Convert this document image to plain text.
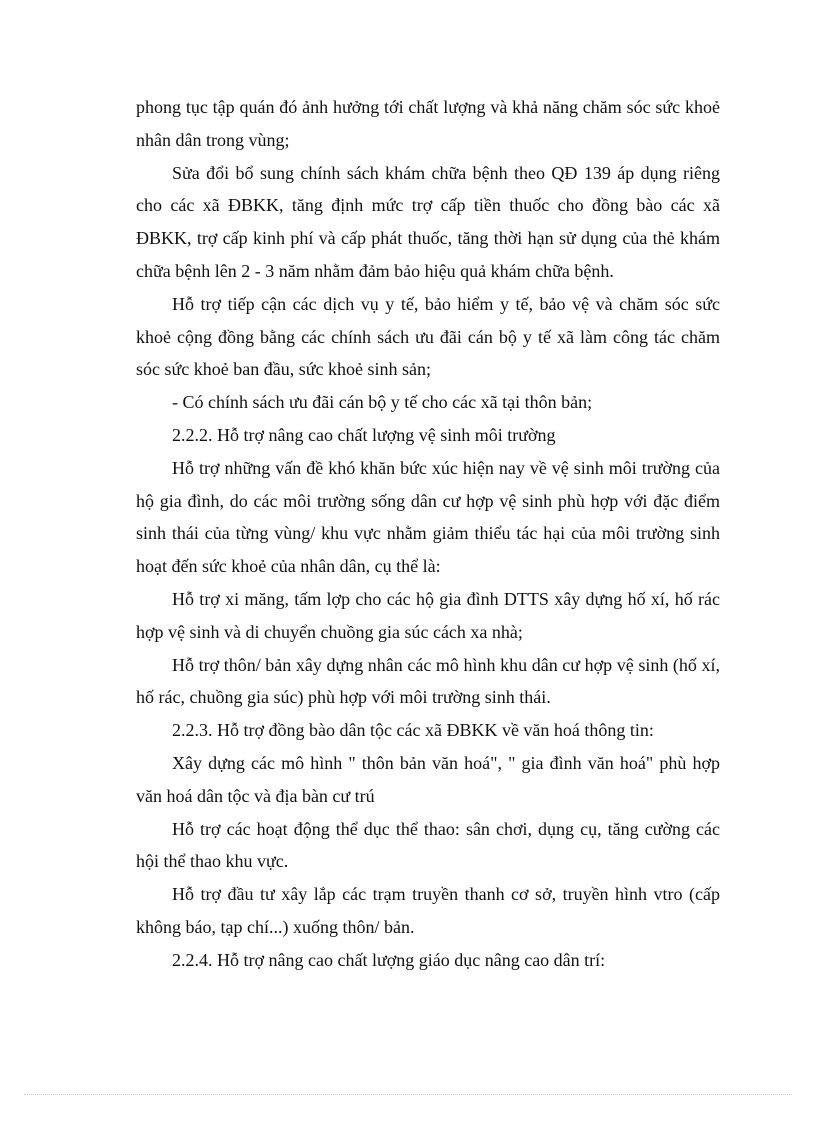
phong tục tập quán đó ảnh hưởng tới chất lượng và khả năng chăm sóc sức khoẻ nhân dân trong vùng;

Sửa đổi bổ sung chính sách khám chữa bệnh theo QĐ 139 áp dụng riêng cho các xã ĐBKK, tăng định mức trợ cấp tiền thuốc cho đồng bào các xã ĐBKK, trợ cấp kinh phí và cấp phát thuốc, tăng thời hạn sử dụng của thẻ khám chữa bệnh lên 2 - 3 năm nhằm đảm bảo hiệu quả khám chữa bệnh.

Hỗ trợ tiếp cận các dịch vụ y tế, bảo hiểm y tế, bảo vệ và chăm sóc sức khoẻ cộng đồng bằng các chính sách ưu đãi cán bộ y tế xã làm công tác chăm sóc sức khoẻ ban đầu, sức khoẻ sinh sản;

- Có chính sách ưu đãi cán bộ y tế cho các xã tại thôn bản;

2.2.2. Hỗ trợ nâng cao chất lượng vệ sinh môi trường

Hỗ trợ những vấn đề khó khăn bức xúc hiện nay về vệ sinh môi trường của hộ gia đình, do các môi trường sống dân cư hợp vệ sinh phù hợp với đặc điểm sinh thái của từng vùng/ khu vực nhằm giảm thiểu tác hại của môi trường sinh hoạt đến sức khoẻ của nhân dân, cụ thể là:

Hỗ trợ xi măng, tấm lợp cho các hộ gia đình DTTS xây dựng hố xí, hố rác hợp vệ sinh và di chuyển chuồng gia súc cách xa nhà;

Hỗ trợ thôn/ bản xây dựng nhân các mô hình khu dân cư hợp vệ sinh (hố xí, hố rác, chuồng gia súc) phù hợp với môi trường sinh thái.

2.2.3. Hỗ trợ đồng bào dân tộc các xã ĐBKK về văn hoá thông tin:

Xây dựng các mô hình " thôn bản văn hoá", " gia đình văn hoá" phù hợp văn hoá dân tộc và địa bàn cư trú

Hỗ trợ các hoạt động thể dục thể thao: sân chơi, dụng cụ, tăng cường các hội thể thao khu vực.

Hỗ trợ đầu tư xây lắp các trạm truyền thanh cơ sở, truyền hình vtro (cấp không báo, tạp chí...) xuống thôn/ bản.

2.2.4. Hỗ trợ nâng cao chất lượng giáo dục nâng cao dân trí:
